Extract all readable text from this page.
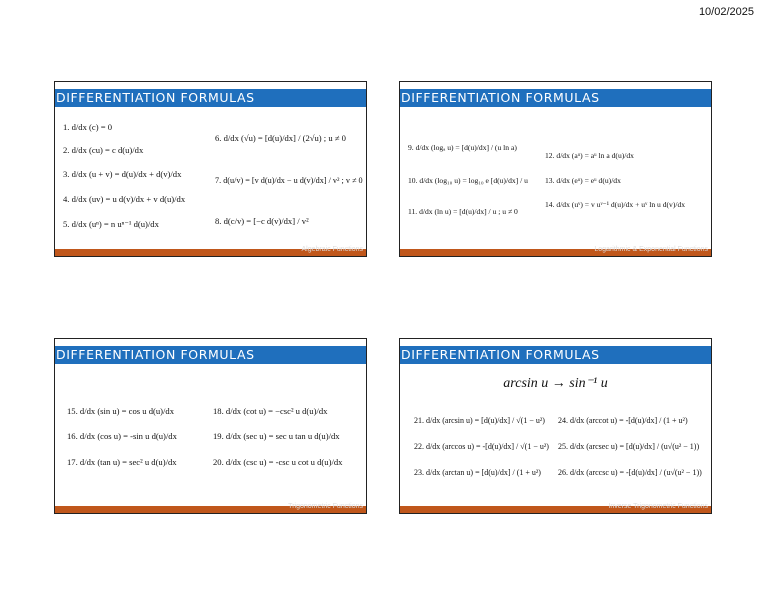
10/02/2025
DIFFERENTIATION FORMULAS
1. d/dx (c) = 0
2. d/dx (cu) = c d(u)/dx
3. d/dx (u + v) = d(u)/dx + d(v)/dx
4. d/dx (uv) = u d(v)/dx + v d(u)/dx
5. d/dx (uⁿ) = n uⁿ⁻¹ d(u)/dx
6. d/dx (√u) = [d(u)/dx] / (2√u) ; u ≠ 0
7. d(u/v) = [v d(u)/dx − u d(v)/dx] / v² ; v ≠ 0
8. d(c/v) = [−c d(v)/dx] / v²
Algebraic Functions
DIFFERENTIATION FORMULAS
9. d/dx (logₐ u) = [d(u)/dx] / (u ln a)
10. d/dx (log₁₀ u) = log₁₀ e [d(u)/dx] / u
11. d/dx (ln u) = [d(u)/dx] / u ; u ≠ 0
12. d/dx (aᵘ) = aᵘ ln a d(u)/dx
13. d/dx (eᵘ) = eᵘ d(u)/dx
14. d/dx (uᵛ) = v uᵛ⁻¹ d(u)/dx + uᵛ ln u d(v)/dx
Logarithmic & Exponential Functions
DIFFERENTIATION FORMULAS
15. d/dx (sin u) = cos u d(u)/dx
16. d/dx (cos u) = -sin u d(u)/dx
17. d/dx (tan u) = sec² u d(u)/dx
18. d/dx (cot u) = −csc² u d(u)/dx
19. d/dx (sec u) = sec u tan u d(u)/dx
20. d/dx (csc u) = -csc u cot u d(u)/dx
Trigonometric Functions
DIFFERENTIATION FORMULAS
arcsin u → sin⁻¹ u
21. d/dx (arcsin u) = [d(u)/dx] / √(1 − u²)
22. d/dx (arccos u) = -[d(u)/dx] / √(1 − u²)
23. d/dx (arctan u) = [d(u)/dx] / (1 + u²)
24. d/dx (arccot u) = -[d(u)/dx] / (1 + u²)
25. d/dx (arcsec u) = [d(u)/dx] / (u√(u² − 1))
26. d/dx (arccsc u) = -[d(u)/dx] / (u√(u² − 1))
Inverse Trigonometric Functions
